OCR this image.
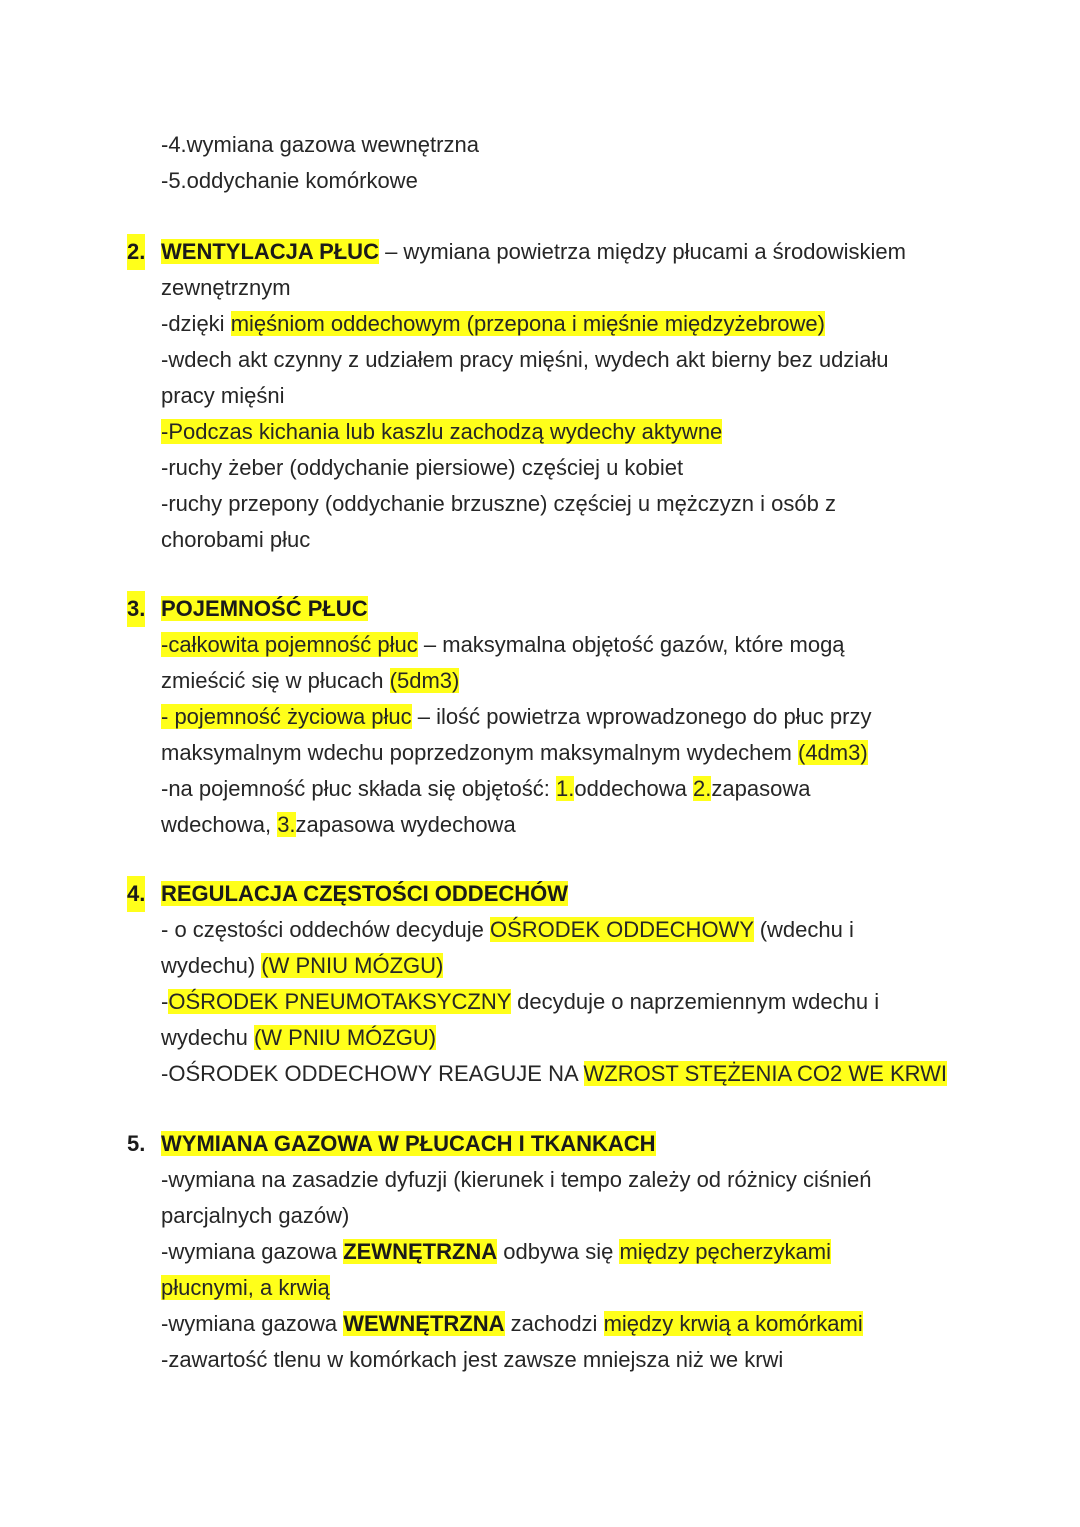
-4.wymiana gazowa wewnętrzna
-5.oddychanie komórkowe
2. WENTYLACJA PŁUC – wymiana powietrza między płucami a środowiskiem
zewnętrznym
-dzięki mięśniom oddechowym (przepona i mięśnie międzyżebrowe)
-wdech akt czynny z udziałem pracy mięśni, wydech akt bierny bez udziału
pracy mięśni
-Podczas kichania lub kaszlu zachodzą wydechy aktywne
-ruchy żeber (oddychanie piersiowe) częściej u kobiet
-ruchy przepony (oddychanie brzuszne) częściej u mężczyzn i osób z
chorobami płuc
3. POJEMNOŚĆ PŁUC
-całkowita pojemność płuc – maksymalna objętość gazów, które mogą
zmieścić się w płucach (5dm3)
- pojemność życiowa płuc – ilość powietrza wprowadzonego do płuc przy
maksymalnym wdechu poprzedzonym maksymalnym wydechem (4dm3)
-na pojemność płuc składa się objętość: 1.oddechowa 2.zapasowa
wdechowa, 3.zapasowa wydechowa
4. REGULACJA CZĘSTOŚCI ODDECHÓW
- o częstości oddechów decyduje OŚRODEK ODDECHOWY (wdechu i
wydechu) (W PNIU MÓZGU)
-OŚRODEK PNEUMOTAKSYCZNY decyduje o naprzemiennym wdechu i
wydechu (W PNIU MÓZGU)
-OŚRODEK ODDECHOWY REAGUJE NA WZROST STĘŻENIA CO2 WE KRWI
5. WYMIANA GAZOWA W PŁUCACH I TKANKACH
-wymiana na zasadzie dyfuzji (kierunek i tempo zależy od różnicy ciśnień
parcjalnych gazów)
-wymiana gazowa ZEWNĘTRZNA odbywa się między pęcherzykami
płucnymi, a krwią
-wymiana gazowa WEWNĘTRZNA zachodzi między krwią a komórkami
-zawartość tlenu w komórkach jest zawsze mniejsza niż we krwi
